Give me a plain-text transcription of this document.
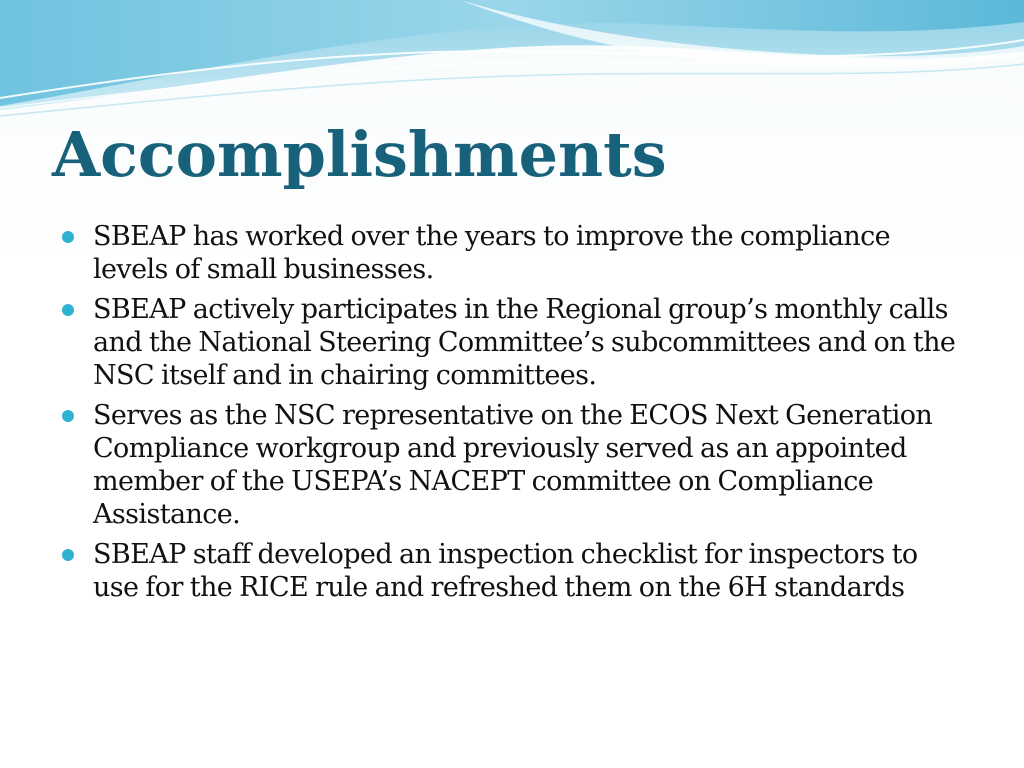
Accomplishments
SBEAP has worked over the years to improve the compliance levels of small businesses.
SBEAP actively participates in the Regional group’s monthly calls and the National Steering Committee’s subcommittees and on the NSC itself and in chairing committees.
Serves as the NSC representative on the ECOS Next Generation Compliance workgroup and previously served as an appointed member of the USEPA’s NACEPT committee on Compliance Assistance.
SBEAP staff developed an inspection checklist for inspectors to use for the RICE rule and refreshed them on the 6H standards
